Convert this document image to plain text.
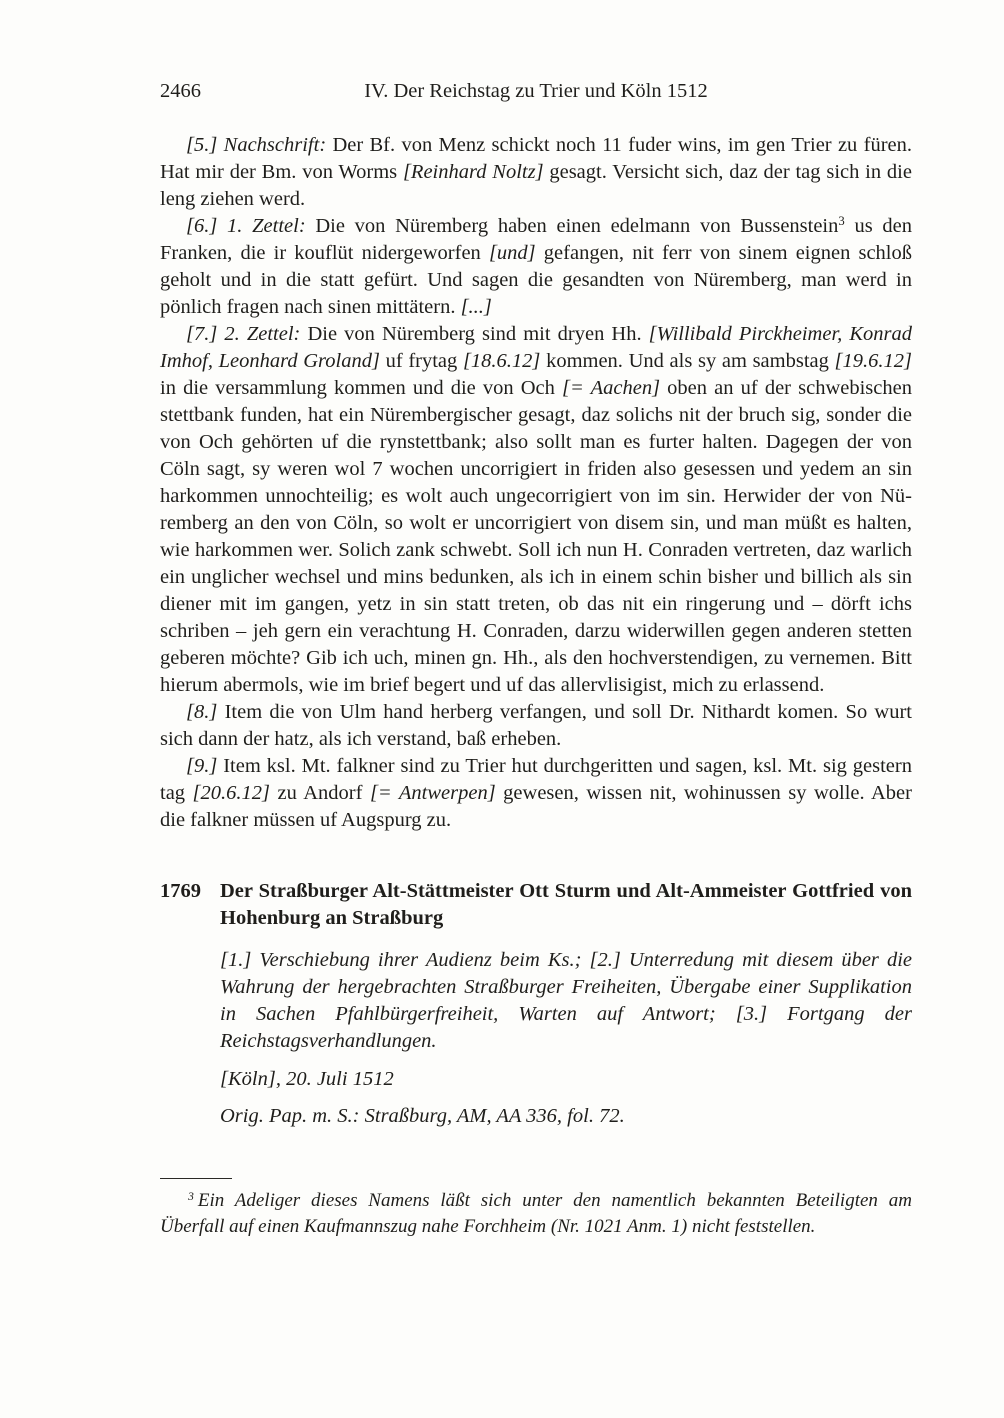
2466	IV. Der Reichstag zu Trier und Köln 1512

[5.] Nachschrift: Der Bf. von Menz schickt noch 11 fuder wins, im gen Trier zu füren. Hat mir der Bm. von Worms [Reinhard Noltz] gesagt. Versicht sich, daz der tag sich in die leng ziehen werd.

[6.] 1. Zettel: Die von Nüremberg haben einen edelmann von Bussenstein$^3$ us den Franken, die ir kouflüt nidergeworfen [und] gefangen, nit ferr von sinem eignen schloß geholt und in die statt gefürt. Und sagen die gesandten von Nüremberg, man werd in pönlich fragen nach sinen mittätern. [...]

[7.] 2. Zettel: Die von Nüremberg sind mit dryen Hh. [Willibald Pirckheimer, Konrad Imhof, Leonhard Groland] uf frytag [18.6.12] kommen. Und als sy am sambstag [19.6.12] in die versammlung kommen und die von Och [= Aachen] oben an uf der schwebischen stettbank funden, hat ein Nürembergischer gesagt, daz solichs nit der bruch sig, sonder die von Och gehörten uf die rynstettbank; also sollt man es furter halten. Dagegen der von Cöln sagt, sy weren wol 7 wochen uncorrigiert in friden also gesessen und yedem an sin harkommen unnochteilig; es wolt auch ungecorrigiert von im sin. Herwider der von Nüremberg an den von Cöln, so wolt er uncorrigiert von disem sin, und man müßt es halten, wie harkommen wer. Solich zank schwebt. Soll ich nun H. Conraden vertreten, daz warlich ein unglicher wechsel und mins bedunken, als ich in einem schin bisher und billich als sin diener mit im gangen, yetz in sin statt treten, ob das nit ein ringerung und – dörft ichs schriben – jeh gern ein verachtung H. Conraden, darzu widerwillen gegen anderen stetten geberen möchte? Gib ich uch, minen gn. Hh., als den hochverstendigen, zu vernemen. Bitt hierum abermols, wie im brief begert und uf das allervlisigist, mich zu erlassend.

[8.] Item die von Ulm hand herberg verfangen, und soll Dr. Nithardt komen. So wurt sich dann der hatz, als ich verstand, baß erheben.

[9.] Item ksl. Mt. falkner sind zu Trier hut durchgeritten und sagen, ksl. Mt. sig gestern tag [20.6.12] zu Andorf [= Antwerpen] gewesen, wissen nit, wohinussen sy wolle. Aber die falkner müssen uf Augspurg zu.

1769 Der Straßburger Alt-Stättmeister Ott Sturm und Alt-Ammeister Gottfried von Hohenburg an Straßburg

[1.] Verschiebung ihrer Audienz beim Ks.; [2.] Unterredung mit diesem über die Wahrung der hergebrachten Straßburger Freiheiten, Übergabe einer Supplikation in Sachen Pfahlbürgerfreiheit, Warten auf Antwort; [3.] Fortgang der Reichstagsverhandlungen.

[Köln], 20. Juli 1512

Orig. Pap. m. S.: Straßburg, AM, AA 336, fol. 72.

$^3$ Ein Adeliger dieses Namens läßt sich unter den namentlich bekannten Beteiligten am Überfall auf einen Kaufmannszug nahe Forchheim (Nr. 1021 Anm. 1) nicht feststellen.
